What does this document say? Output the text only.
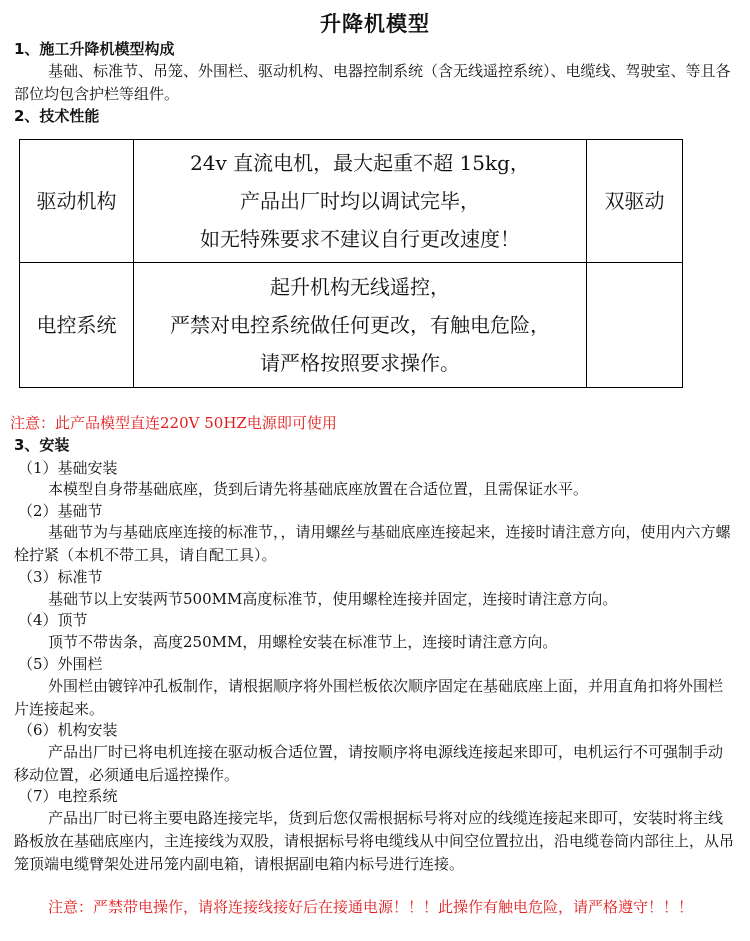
升降机模型
1、施工升降机模型构成
基础、标准节、吊笼、外围栏、驱动机构、电器控制系统（含无线遥控系统）、电缆线、驾驶室、等且各部位均包含护栏等组件。
2、技术性能
驱动机构	24v 直流电机，最大起重不超 15kg，
产品出厂时均以调试完毕，
如无特殊要求不建议自行更改速度！	双驱动
电控系统	起升机构无线遥控，
严禁对电控系统做任何更改，有触电危险，
请严格按照要求操作。	

注意：此产品模型直连220V 50HZ电源即可使用
3、安装
（1）基础安装
本模型自身带基础底座，货到后请先将基础底座放置在合适位置，且需保证水平。
（2）基础节
基础节为与基础底座连接的标准节，，请用螺丝与基础底座连接起来，连接时请注意方向，使用内六方螺栓拧紧（本机不带工具，请自配工具）。
（3）标准节
基础节以上安装两节500MM高度标准节，使用螺栓连接并固定，连接时请注意方向。
（4）顶节
顶节不带齿条，高度250MM，用螺栓安装在标准节上，连接时请注意方向。
（5）外围栏
外围栏由镀锌冲孔板制作，请根据顺序将外围栏板依次顺序固定在基础底座上面，并用直角扣将外围栏片连接起来。
（6）机构安装
产品出厂时已将电机连接在驱动板合适位置，请按顺序将电源线连接起来即可，电机运行不可强制手动移动位置，必须通电后遥控操作。
（7）电控系统
产品出厂时已将主要电路连接完毕，货到后您仅需根据标号将对应的线缆连接起来即可，安装时将主线路板放在基础底座内，主连接线为双股，请根据标号将电缆线从中间空位置拉出，沿电缆卷筒内部往上，从吊笼顶端电缆臂架处进吊笼内副电箱，请根据副电箱内标号进行连接。
注意：严禁带电操作，请将连接线接好后在接通电源！！！此操作有触电危险，请严格遵守！！！
